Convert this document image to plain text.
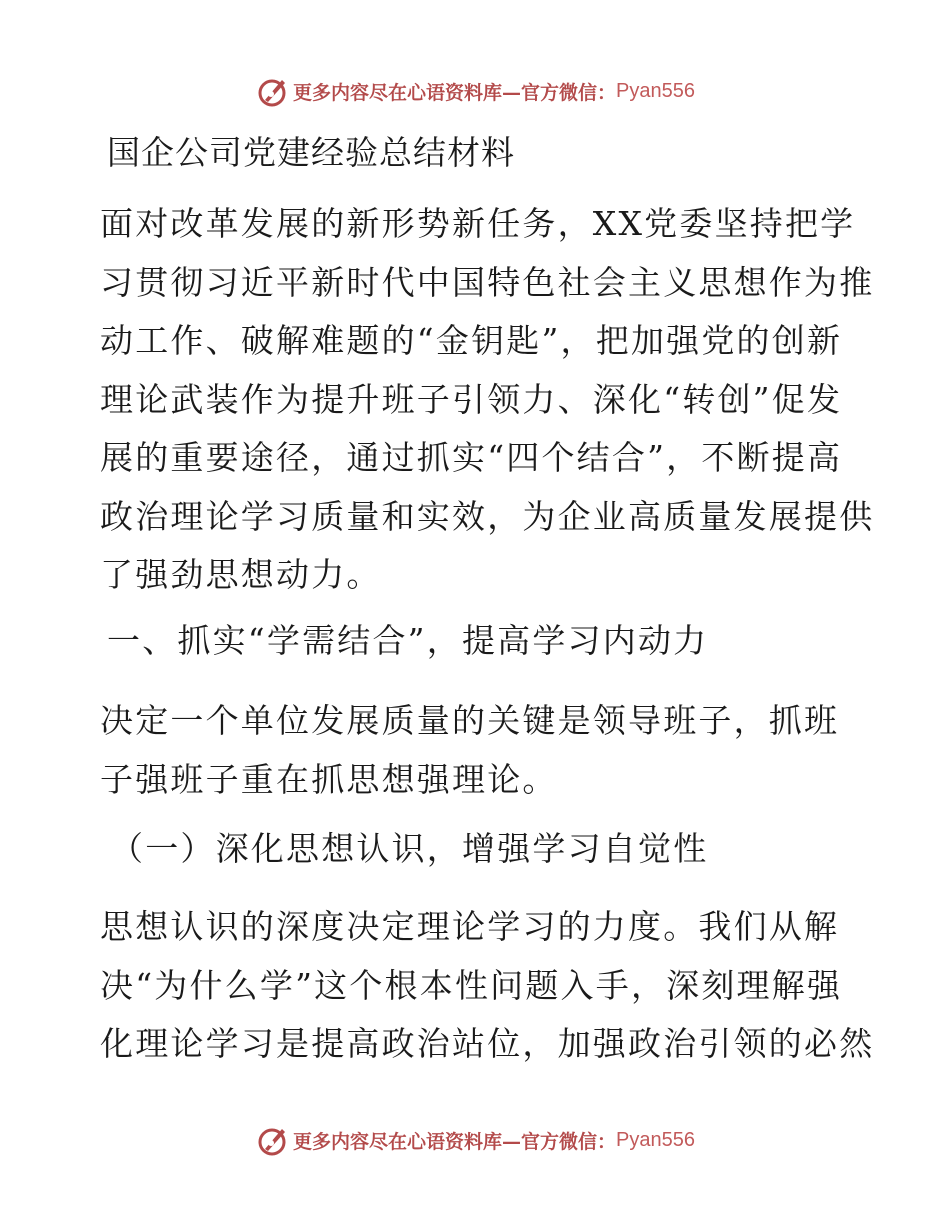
更多内容尽在心语资料库—官方微信： Pyan556
国企公司党建经验总结材料

面对改革发展的新形势新任务，XX党委坚持把学
习贯彻习近平新时代中国特色社会主义思想作为推
动工作、破解难题的“金钥匙”，把加强党的创新
理论武装作为提升班子引领力、深化“转创”促发
展的重要途径，通过抓实“四个结合”，不断提高
政治理论学习质量和实效，为企业高质量发展提供
了强劲思想动力。

一、抓实“学需结合”，提高学习内动力

决定一个单位发展质量的关键是领导班子，抓班
子强班子重在抓思想强理论。

（一）深化思想认识，增强学习自觉性

思想认识的深度决定理论学习的力度。我们从解
决“为什么学”这个根本性问题入手，深刻理解强
化理论学习是提高政治站位，加强政治引领的必然

更多内容尽在心语资料库—官方微信： Pyan556
